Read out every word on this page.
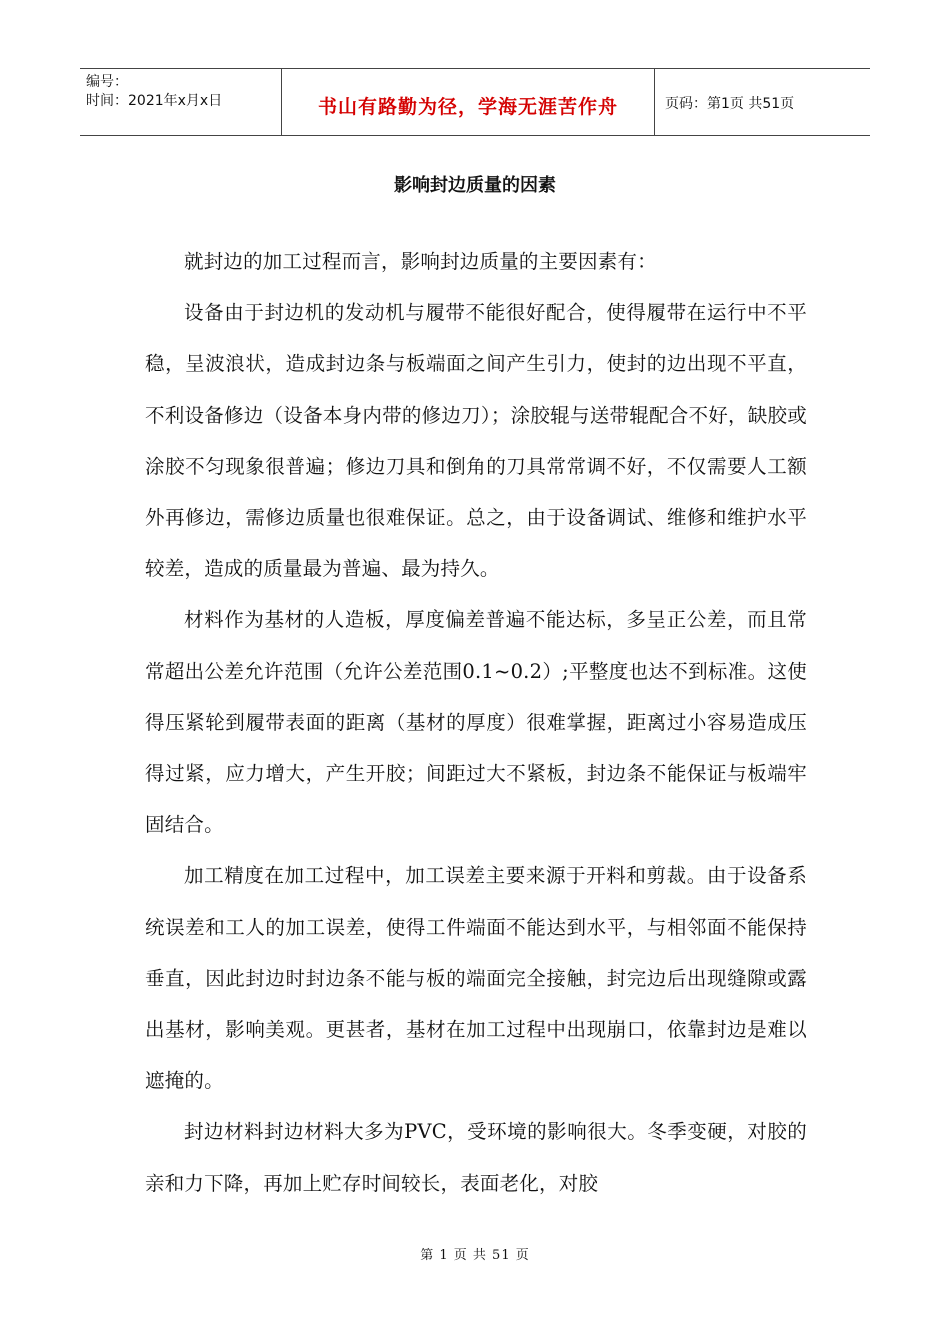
编号：
时间：2021年x月x日	书山有路勤为径，学海无涯苦作舟	页码：第1页 共51页
影响封边质量的因素

就封边的加工过程而言，影响封边质量的主要因素有：

设备由于封边机的发动机与履带不能很好配合，使得履带在运行中不平稳，呈波浪状，造成封边条与板端面之间产生引力，使封的边出现不平直，不利设备修边（设备本身内带的修边刀）；涂胶辊与送带辊配合不好，缺胶或涂胶不匀现象很普遍；修边刀具和倒角的刀具常常调不好，不仅需要人工额外再修边，需修边质量也很难保证。总之，由于设备调试、维修和维护水平较差，造成的质量最为普遍、最为持久。

材料作为基材的人造板，厚度偏差普遍不能达标，多呈正公差，而且常常超出公差允许范围（允许公差范围0.1~0.2）;平整度也达不到标准。这使得压紧轮到履带表面的距离（基材的厚度）很难掌握，距离过小容易造成压得过紧，应力增大，产生开胶；间距过大不紧板，封边条不能保证与板端牢固结合。

加工精度在加工过程中，加工误差主要来源于开料和剪裁。由于设备系统误差和工人的加工误差，使得工件端面不能达到水平，与相邻面不能保持垂直，因此封边时封边条不能与板的端面完全接触，封完边后出现缝隙或露出基材，影响美观。更甚者，基材在加工过程中出现崩口，依靠封边是难以遮掩的。

封边材料封边材料大多为PVC，受环境的影响很大。冬季变硬，对胶的亲和力下降，再加上贮存时间较长，表面老化，对胶

第 1 页 共 51 页
